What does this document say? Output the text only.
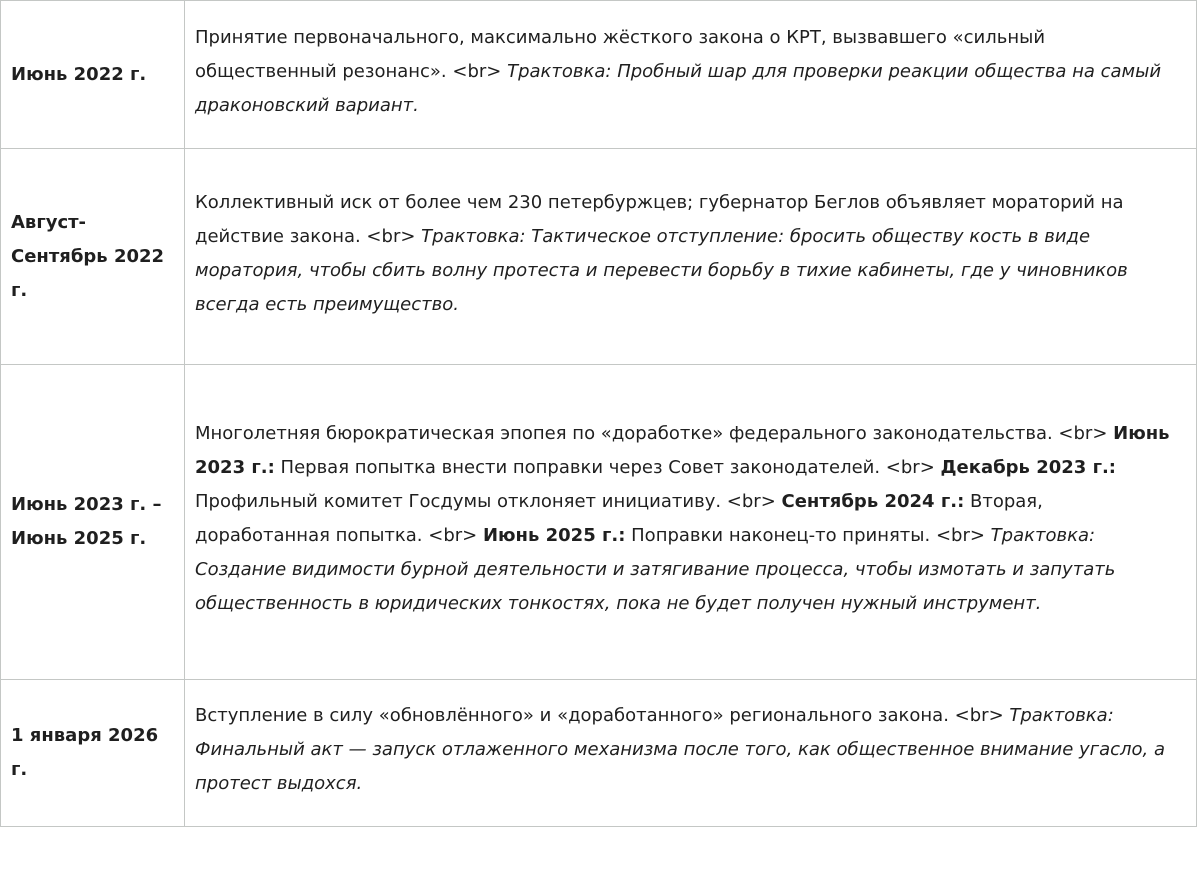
Июнь 2022 г.	Принятие первоначального, максимально жёсткого закона о КРТ, вызвавшего «сильный общественный резонанс». <br> Трактовка: Пробный шар для проверки реакции общества на самый драконовский вариант.

Август-Сентябрь 2022 г.	Коллективный иск от более чем 230 петербуржцев; губернатор Беглов объявляет мораторий на действие закона. <br> Трактовка: Тактическое отступление: бросить обществу кость в виде моратория, чтобы сбить волну протеста и перевести борьбу в тихие кабинеты, где у чиновников всегда есть преимущество.

Июнь 2023 г. – Июнь 2025 г.	Многолетняя бюрократическая эпопея по «доработке» федерального законодательства. <br> Июнь 2023 г.: Первая попытка внести поправки через Совет законодателей. <br> Декабрь 2023 г.: Профильный комитет Госдумы отклоняет инициативу. <br> Сентябрь 2024 г.: Вторая, доработанная попытка. <br> Июнь 2025 г.: Поправки наконец-то приняты. <br> Трактовка: Создание видимости бурной деятельности и затягивание процесса, чтобы измотать и запутать общественность в юридических тонкостях, пока не будет получен нужный инструмент.

1 января 2026 г.	Вступление в силу «обновлённого» и «доработанного» регионального закона. <br> Трактовка: Финальный акт — запуск отлаженного механизма после того, как общественное внимание угасло, а протест выдохся.
